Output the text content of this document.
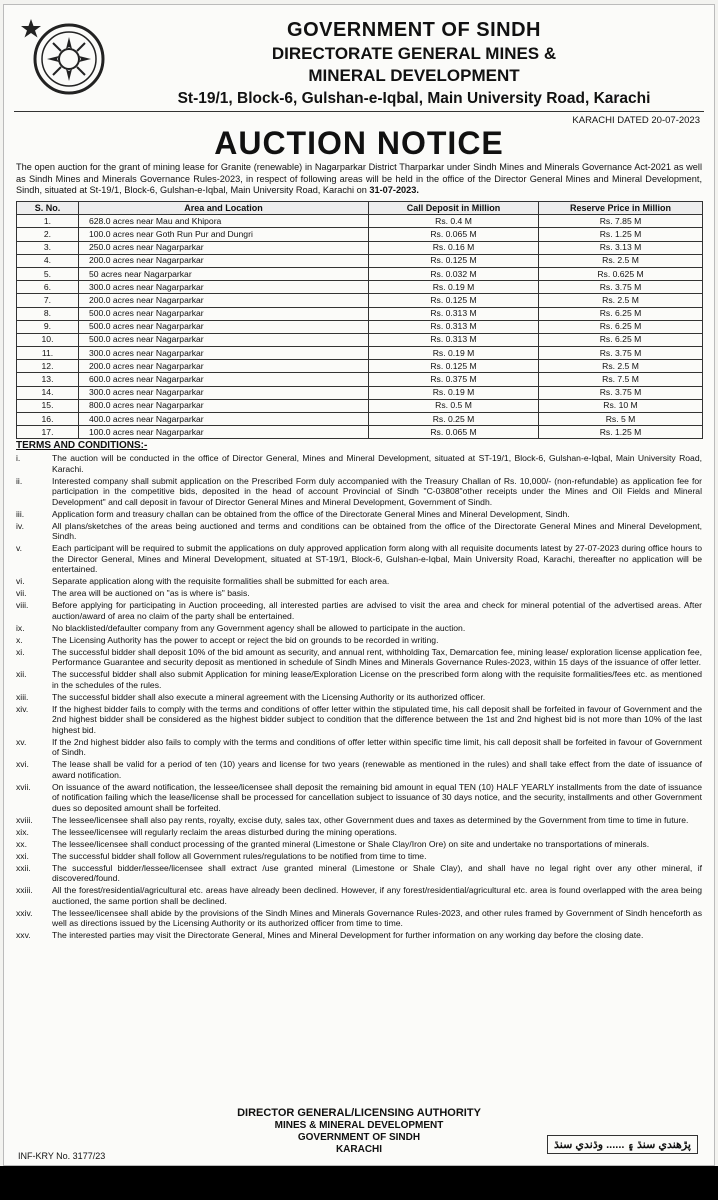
GOVERNMENT OF SINDH
DIRECTORATE GENERAL MINES &
MINERAL DEVELOPMENT
St-19/1, Block-6, Gulshan-e-Iqbal, Main University Road, Karachi
KARACHI DATED 20-07-2023
AUCTION NOTICE
The open auction for the grant of mining lease for Granite (renewable) in Nagarparkar District Tharparkar under Sindh Mines and Minerals Governance Act-2021 as well as Sindh Mines and Minerals Governance Rules-2023, in respect of following areas will be held in the office of the Director General Mines and Mineral Development, Sindh, situated at St-19/1, Block-6, Gulshan-e-Iqbal, Main University Road, Karachi on 31-07-2023.
S. No.	Area and Location	Call Deposit in Million	Reserve Price in Million
1.	628.0 acres near Mau and Khipora	Rs. 0.4 M	Rs. 7.85 M
2.	100.0 acres near Goth Run Pur and Dungri	Rs. 0.065 M	Rs. 1.25 M
3.	250.0 acres near Nagarparkar	Rs. 0.16 M	Rs. 3.13 M
4.	200.0 acres near Nagarparkar	Rs. 0.125 M	Rs. 2.5 M
5.	50 acres near Nagarparkar	Rs. 0.032 M	Rs. 0.625 M
6.	300.0 acres near Nagarparkar	Rs. 0.19 M	Rs. 3.75 M
7.	200.0 acres near Nagarparkar	Rs. 0.125 M	Rs. 2.5 M
8.	500.0 acres near Nagarparkar	Rs. 0.313 M	Rs. 6.25 M
9.	500.0 acres near Nagarparkar	Rs. 0.313 M	Rs. 6.25 M
10.	500.0 acres near Nagarparkar	Rs. 0.313 M	Rs. 6.25 M
11.	300.0 acres near Nagarparkar	Rs. 0.19 M	Rs. 3.75 M
12.	200.0 acres near Nagarparkar	Rs. 0.125 M	Rs. 2.5 M
13.	600.0 acres near Nagarparkar	Rs. 0.375 M	Rs. 7.5 M
14.	300.0 acres near Nagarparkar	Rs. 0.19 M	Rs. 3.75 M
15.	800.0 acres near Nagarparkar	Rs. 0.5 M	Rs. 10 M
16.	400.0 acres near Nagarparkar	Rs. 0.25 M	Rs. 5 M
17.	100.0 acres near Nagarparkar	Rs. 0.065 M	Rs. 1.25 M
TERMS AND CONDITIONS:-
i.	The auction will be conducted in the office of Director General, Mines and Mineral Development, situated at ST-19/1, Block-6, Gulshan-e-Iqbal, Main University Road, Karachi.
ii.	Interested company shall submit application on the Prescribed Form duly accompanied with the Treasury Challan of Rs. 10,000/- (non-refundable) as application fee for participation in the competitive bids, deposited in the head of account Provincial of Sindh "C-03808"other receipts under the Mines and Oil Fields and Mineral Development" and call deposit in favour of Director General Mines and Mineral Development, Government of Sindh.
iii.	Application form and treasury challan can be obtained from the office of the Directorate General Mines and Mineral Development, Sindh.
iv.	All plans/sketches of the areas being auctioned and terms and conditions can be obtained from the office of the Directorate General Mines and Mineral Development, Sindh.
v.	Each participant will be required to submit the applications on duly approved application form along with all requisite documents latest by 27-07-2023 during office hours to the Director General, Mines and Mineral Development, situated at ST-19/1, Block-6, Gulshan-e-Iqbal, Main University Road, Karachi, thereafter no application will be entertained.
vi.	Separate application along with the requisite formalities shall be submitted for each area.
vii.	The area will be auctioned on "as is where is" basis.
viii.	Before applying for participating in Auction proceeding, all interested parties are advised to visit the area and check for mineral potential of the advertised areas. After auction/award of area no claim of the party shall be entertained.
ix.	No blacklisted/defaulter company from any Government agency shall be allowed to participate in the auction.
x.	The Licensing Authority has the power to accept or reject the bid on grounds to be recorded in writing.
xi.	The successful bidder shall deposit 10% of the bid amount as security, and annual rent, withholding Tax, Demarcation fee, mining lease/ exploration license application fee, Performance Guarantee and security deposit as mentioned in schedule of Sindh Mines and Minerals Governance Rules-2023, within 15 days of the issuance of offer letter.
xii.	The successful bidder shall also submit Application for mining lease/Exploration License on the prescribed form along with the requisite formalities/fees etc. as mentioned in the schedules of the rules.
xiii.	The successful bidder shall also execute a mineral agreement with the Licensing Authority or its authorized officer.
xiv.	If the highest bidder fails to comply with the terms and conditions of offer letter within the stipulated time, his call deposit shall be forfeited in favour of Government and the 2nd highest bidder shall be considered as the highest bidder subject to condition that the difference between the 1st and 2nd highest bid is not more than 10% of the last highest bid.
xv.	If the 2nd highest bidder also fails to comply with the terms and conditions of offer letter within specific time limit, his call deposit shall be forfeited in favour of Government of Sindh.
xvi.	The lease shall be valid for a period of ten (10) years and license for two years (renewable as mentioned in the rules) and shall take effect from the date of issuance of award notification.
xvii.	On issuance of the award notification, the lessee/licensee shall deposit the remaining bid amount in equal TEN (10) HALF YEARLY installments from the date of issuance of notification failing which the lease/license shall be processed for cancellation subject to issuance of 30 days notice, and the security, installments and other Government dues so deposited amount shall be forfeited.
xviii.	The lessee/licensee shall also pay rents, royalty, excise duty, sales tax, other Government dues and taxes as determined by the Government from time to time in future.
xix.	The lessee/licensee will regularly reclaim the areas disturbed during the mining operations.
xx.	The lessee/licensee shall conduct processing of the granted mineral (Limestone or Shale Clay/Iron Ore) on site and undertake no transportations of minerals.
xxi.	The successful bidder shall follow all Government rules/regulations to be notified from time to time.
xxii.	The successful bidder/lessee/licensee shall extract /use granted mineral (Limestone or Shale Clay), and shall have no legal right over any other mineral, if discovered/found.
xxiii.	All the forest/residential/agricultural etc. areas have already been declined. However, if any forest/residential/agricultural etc. area is found overlapped with the area being auctioned, the same portion shall be declined.
xxiv.	The lessee/licensee shall abide by the provisions of the Sindh Mines and Minerals Governance Rules-2023, and other rules framed by Government of Sindh henceforth as well as directions issued by the Licensing Authority or its authorized officer from time to time.
xxv.	The interested parties may visit the Directorate General, Mines and Mineral Development for further information on any working day before the closing date.
DIRECTOR GENERAL/LICENSING AUTHORITY
MINES & MINERAL DEVELOPMENT
GOVERNMENT OF SINDH
KARACHI
INF-KRY No. 3177/23
پڙهندي سنڌ ۽ ...... وڌندي سنڌ
